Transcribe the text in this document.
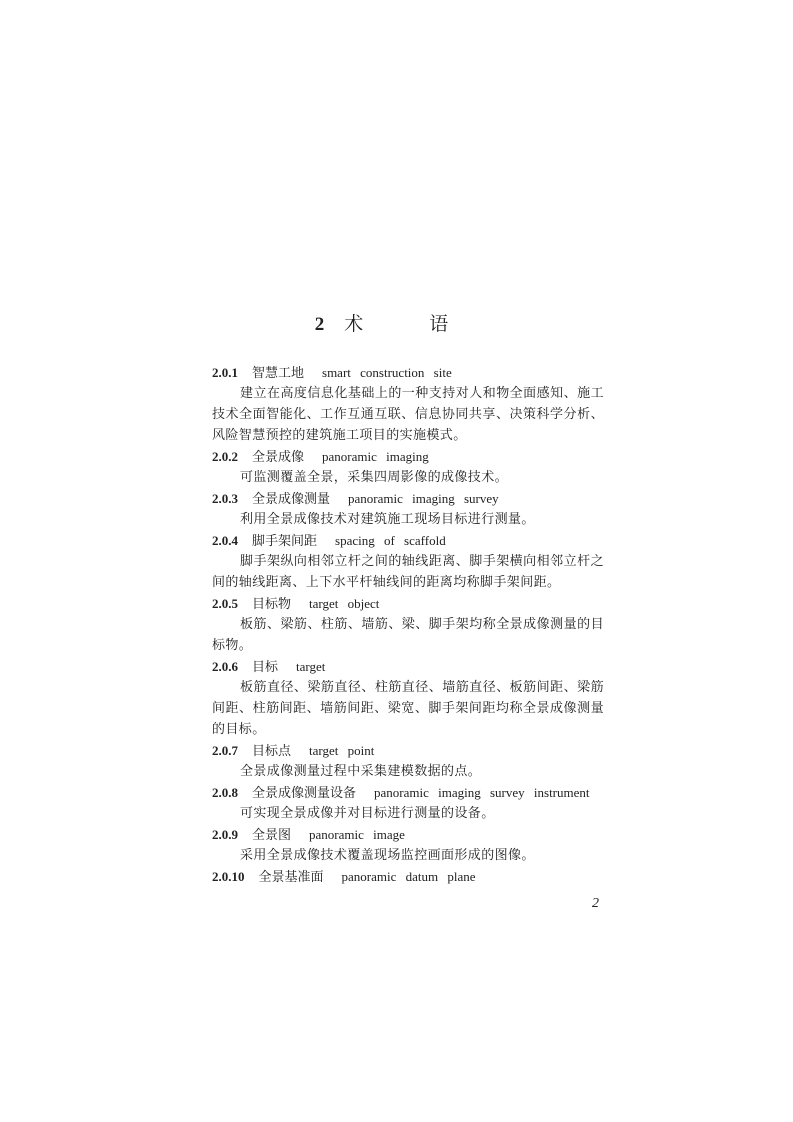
2 术 语
2.0.1 智慧工地 smart construction site

建立在高度信息化基础上的一种支持对人和物全面感知、施工技术全面智能化、工作互通互联、信息协同共享、决策科学分析、风险智慧预控的建筑施工项目的实施模式。

2.0.2 全景成像 panoramic imaging

可监测覆盖全景，采集四周影像的成像技术。

2.0.3 全景成像测量 panoramic imaging survey

利用全景成像技术对建筑施工现场目标进行测量。

2.0.4 脚手架间距 spacing of scaffold

脚手架纵向相邻立杆之间的轴线距离、脚手架横向相邻立杆之间的轴线距离、上下水平杆轴线间的距离均称脚手架间距。

2.0.5 目标物 target object

板筋、梁筋、柱筋、墙筋、梁、脚手架均称全景成像测量的目标物。

2.0.6 目标 target

板筋直径、梁筋直径、柱筋直径、墙筋直径、板筋间距、梁筋间距、柱筋间距、墙筋间距、梁宽、脚手架间距均称全景成像测量的目标。

2.0.7 目标点 target point

全景成像测量过程中采集建模数据的点。

2.0.8 全景成像测量设备 panoramic imaging survey instrument

可实现全景成像并对目标进行测量的设备。

2.0.9 全景图 panoramic image

采用全景成像技术覆盖现场监控画面形成的图像。

2.0.10 全景基准面 panoramic datum plane
2
